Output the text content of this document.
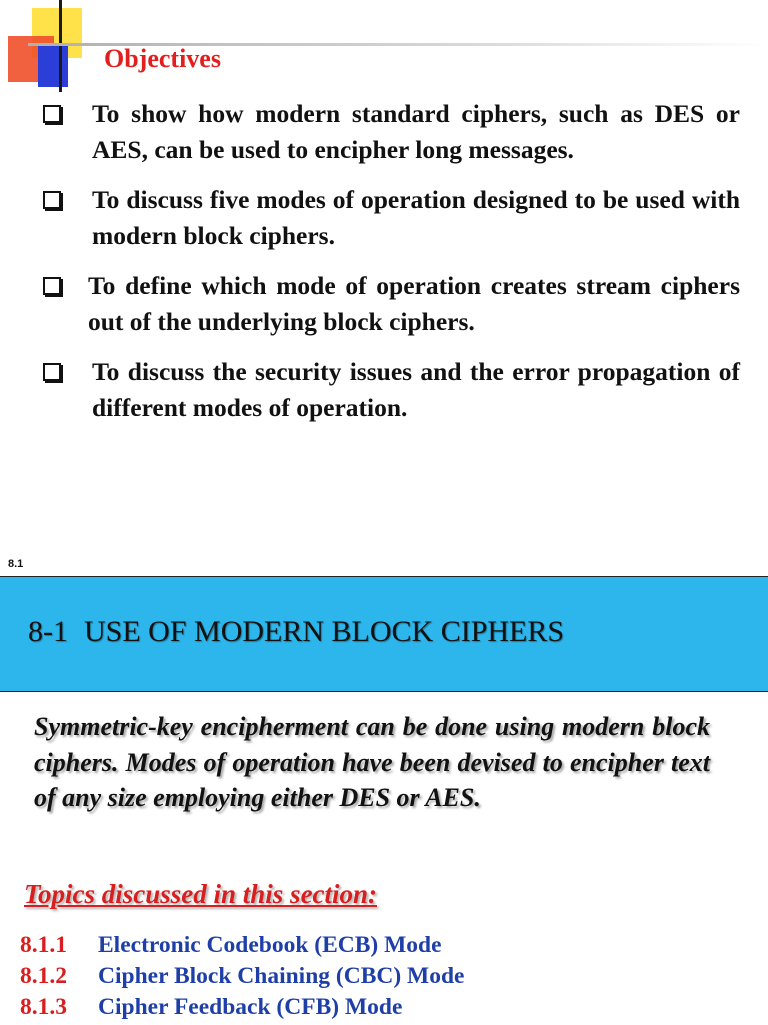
Objectives
To show how modern standard ciphers, such as DES or AES, can be used to encipher long messages.
To discuss five modes of operation designed to be used with modern block ciphers.
To define which mode of operation creates stream ciphers out of the underlying block ciphers.
To discuss the security issues and the error propagation of different modes of operation.
8.1
8-1 USE OF MODERN BLOCK CIPHERS
Symmetric-key encipherment can be done using modern block ciphers. Modes of operation have been devised to encipher text of any size employing either DES or AES.
Topics discussed in this section:
8.1.1 Electronic Codebook (ECB) Mode
8.1.2 Cipher Block Chaining (CBC) Mode
8.1.3 Cipher Feedback (CFB) Mode
